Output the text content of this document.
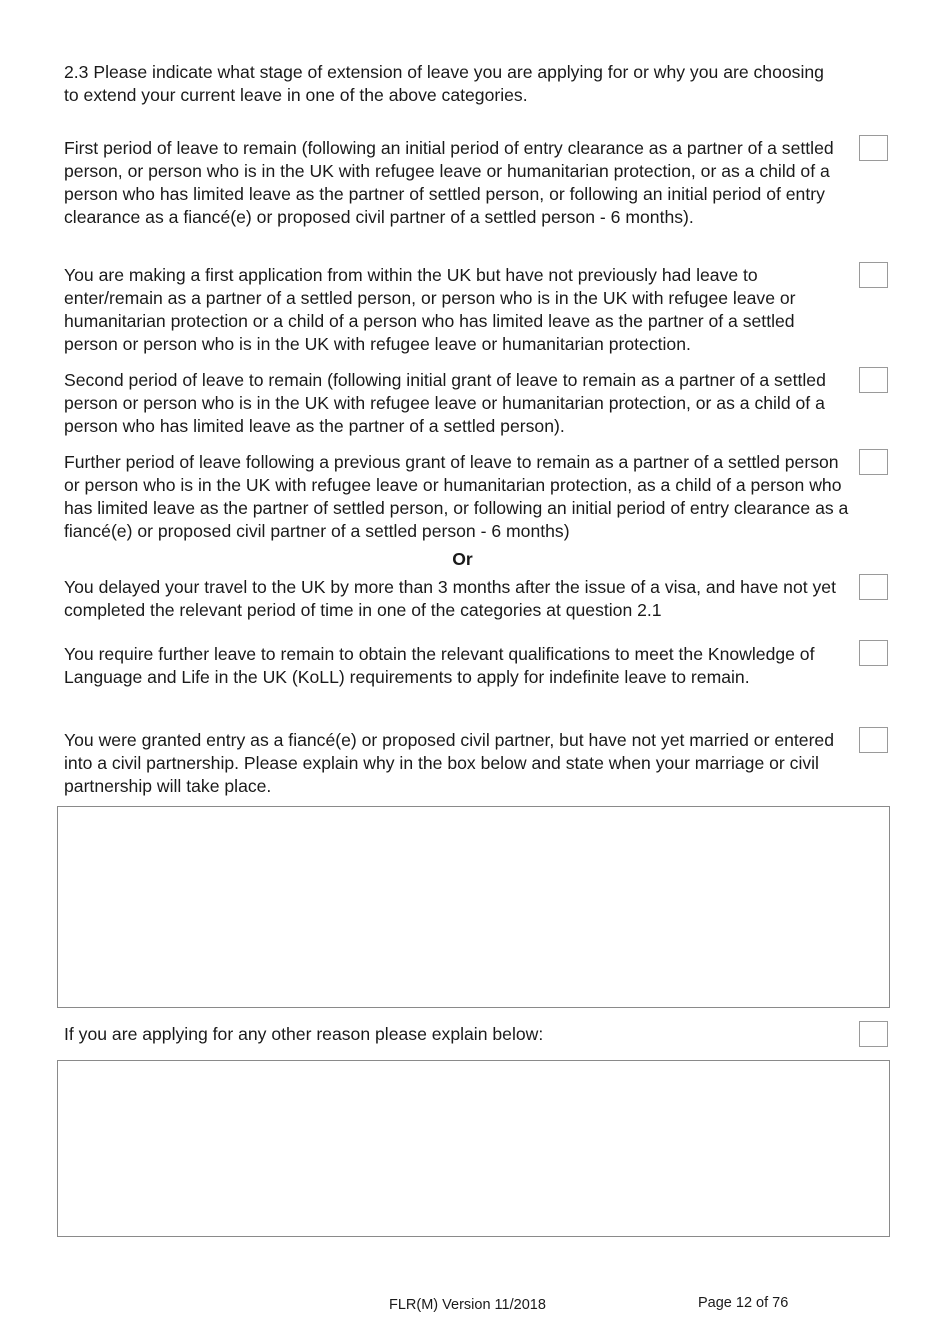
2.3 Please indicate what stage of extension of leave you are applying for or why you are choosing to extend your current leave in one of the above categories.

First period of leave to remain (following an initial period of entry clearance as a partner of a settled person, or person who is in the UK with refugee leave or humanitarian protection, or as a child of a person who has limited leave as the partner of settled person, or following an initial period of entry clearance as a fiancé(e) or proposed civil partner of a settled person - 6 months).

You are making a first application from within the UK but have not previously had leave to enter/remain as a partner of a settled person, or person who is in the UK with refugee leave or humanitarian protection or a child of a person who has limited leave as the partner of a settled person or person who is in the UK with refugee leave or humanitarian protection.

Second period of leave to remain (following initial grant of leave to remain as a partner of a settled person or person who is in the UK with refugee leave or humanitarian protection, or as a child of a person who has limited leave as the partner of a settled person).

Further period of leave following a previous grant of leave to remain as a partner of a settled person or person who is in the UK with refugee leave or humanitarian protection, as a child of a person who has limited leave as the partner of settled person, or following an initial period of entry clearance as a fiancé(e) or proposed civil partner of a settled person - 6 months)

Or

You delayed your travel to the UK by more than 3 months after the issue of a visa, and have not yet completed the relevant period of time in one of the categories at question 2.1

You require further leave to remain to obtain the relevant qualifications to meet the Knowledge of Language and Life in the UK (KoLL) requirements to apply for indefinite leave to remain.

You were granted entry as a fiancé(e) or proposed civil partner, but have not yet married or entered into a civil partnership. Please explain why in the box below and state when your marriage or civil partnership will take place.

If you are applying for any other reason please explain below:

FLR(M) Version 11/2018	Page 12 of 76
